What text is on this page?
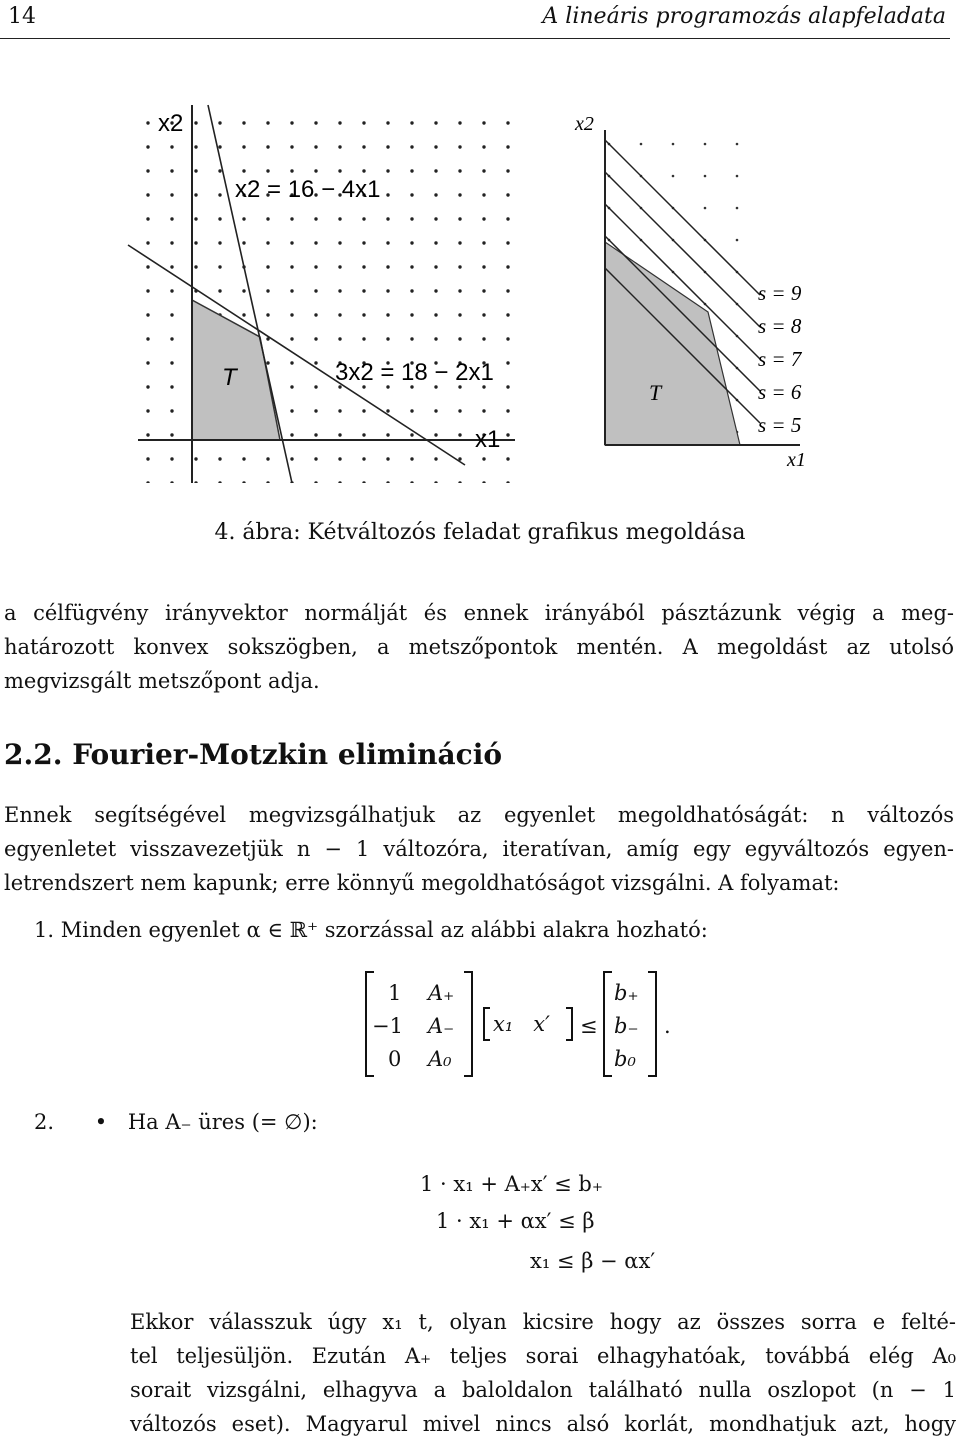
14	A lineáris programozás alapfeladata
x2
x1
x2 = 16 − 4x1
3x2 = 18 − 2x1
T
x2
x1
T
s = 9
s = 8
s = 7
s = 6
s = 5
4. ábra: Kétváltozós feladat grafikus megoldása
a célfügvény irányvektor normálját és ennek irányából pásztázunk végig a meg-
határozott konvex sokszögben, a metszőpontok mentén. A megoldást az utolsó
megvizsgált metszőpont adja.
2.2. Fourier-Motzkin elimináció
Ennek segítségével megvizsgálhatjuk az egyenlet megoldhatóságát: n változós
egyenletet visszavezetjük n − 1 változóra, iteratívan, amíg egy egyváltozós egyen-
letrendszert nem kapunk; erre könnyű megoldhatóságot vizsgálni. A folyamat:
1. Minden egyenlet α ∈ ℝ⁺ szorzással az alábbi alakra hozható:
1 A₊
−1 A₋
0 A₀
x₁   x′ ≤
b₊
b₋
b₀
.
2. • Ha A₋ üres (= ∅):
1 · x₁ + A₊x′ ≤ b₊
1 · x₁ + αx′ ≤ β
x₁ ≤ β − αx′
Ekkor válasszuk úgy x₁ t, olyan kicsire hogy az összes sorra e felté-
tel teljesüljön. Ezután A₊ teljes sorai elhagyhatóak, továbbá elég A₀
sorait vizsgálni, elhagyva a baloldalon található nulla oszlopot (n − 1
változós eset). Magyarul mivel nincs alsó korlát, mondhatjuk azt, hogy
